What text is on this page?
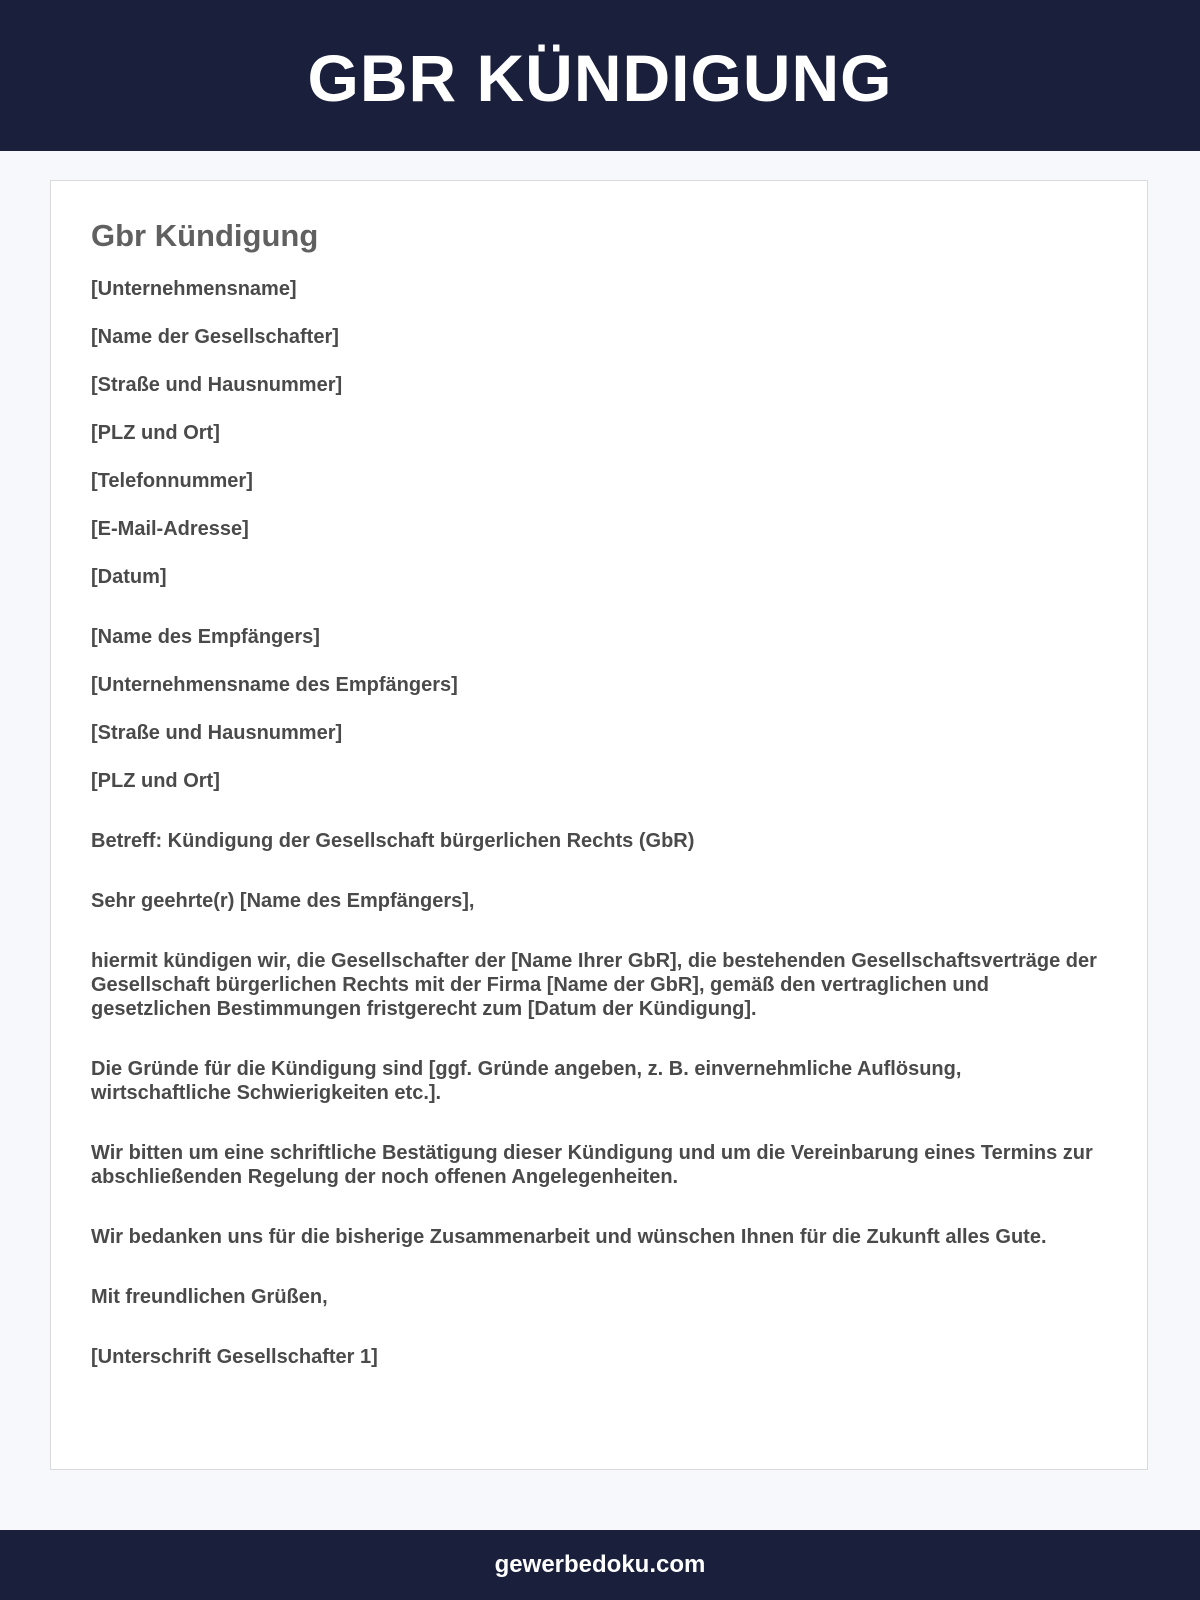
GBR KÜNDIGUNG
Gbr Kündigung

[Unternehmensname]

[Name der Gesellschafter]

[Straße und Hausnummer]

[PLZ und Ort]

[Telefonnummer]

[E-Mail-Adresse]

[Datum]

[Name des Empfängers]

[Unternehmensname des Empfängers]

[Straße und Hausnummer]

[PLZ und Ort]

Betreff: Kündigung der Gesellschaft bürgerlichen Rechts (GbR)

Sehr geehrte(r) [Name des Empfängers],

hiermit kündigen wir, die Gesellschafter der [Name Ihrer GbR], die bestehenden Gesellschaftsverträge der Gesellschaft bürgerlichen Rechts mit der Firma [Name der GbR], gemäß den vertraglichen und gesetzlichen Bestimmungen fristgerecht zum [Datum der Kündigung].

Die Gründe für die Kündigung sind [ggf. Gründe angeben, z. B. einvernehmliche Auflösung, wirtschaftliche Schwierigkeiten etc.].

Wir bitten um eine schriftliche Bestätigung dieser Kündigung und um die Vereinbarung eines Termins zur abschließenden Regelung der noch offenen Angelegenheiten.

Wir bedanken uns für die bisherige Zusammenarbeit und wünschen Ihnen für die Zukunft alles Gute.

Mit freundlichen Grüßen,

[Unterschrift Gesellschafter 1]

gewerbedoku.com
